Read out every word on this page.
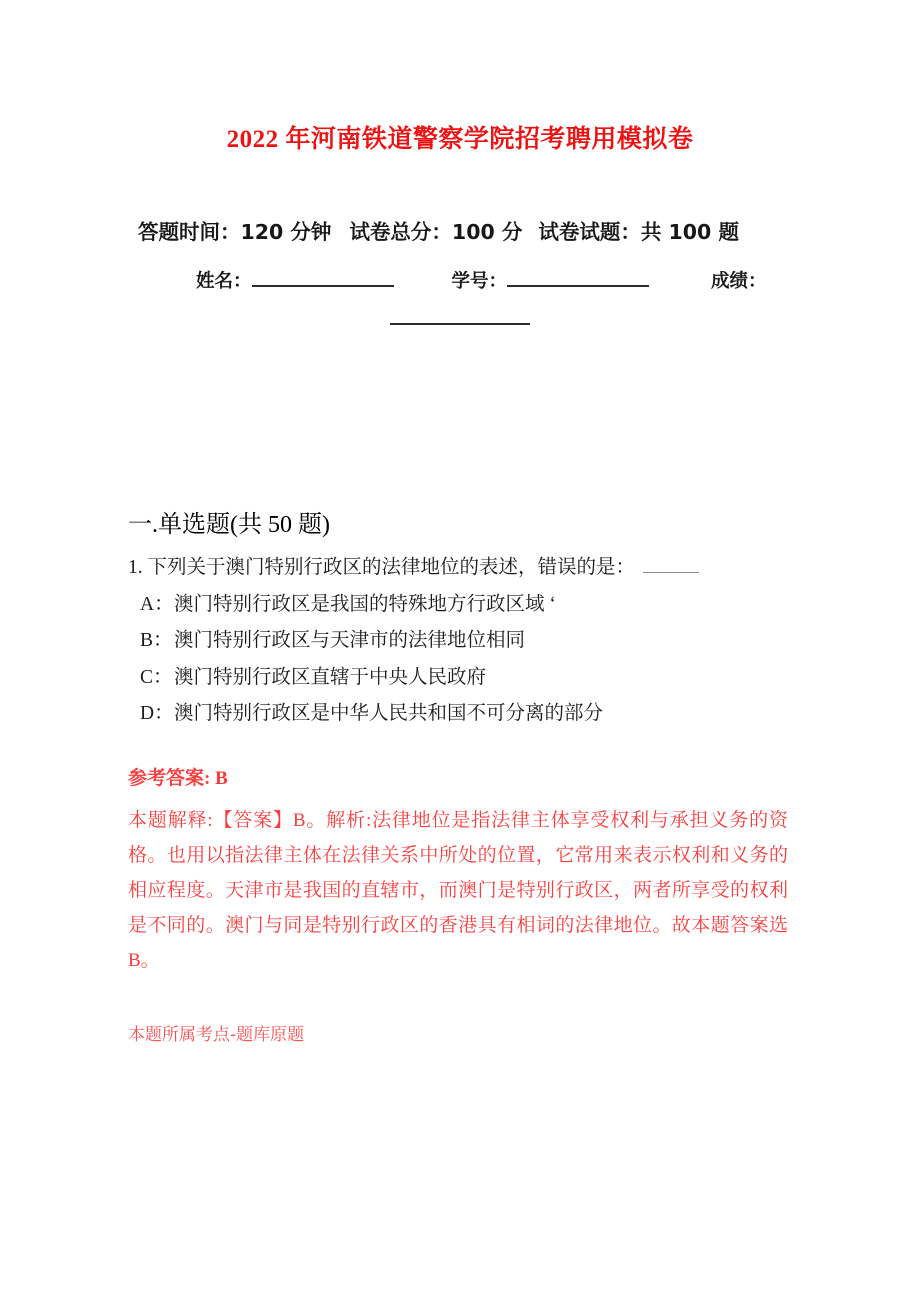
2022 年河南铁道警察学院招考聘用模拟卷
答题时间：120 分钟 试卷总分：100 分 试卷试题：共 100 题
姓名：	学号：	成绩：
一.单选题(共 50 题)
1. 下列关于澳门特别行政区的法律地位的表述，错误的是：
A：澳门特别行政区是我国的特殊地方行政区域 ‘
B：澳门特别行政区与天津市的法律地位相同
C：澳门特别行政区直辖于中央人民政府
D：澳门特别行政区是中华人民共和国不可分离的部分
参考答案: B
本题解释:【答案】B。解析:法律地位是指法律主体享受权利与承担义务的资格。也用以指法律主体在法律关系中所处的位置，它常用来表示权利和义务的相应程度。天津市是我国的直辖市，而澳门是特别行政区，两者所享受的权利是不同的。澳门与同是特别行政区的香港具有相词的法律地位。故本题答案选 B。
本题所属考点-题库原题
